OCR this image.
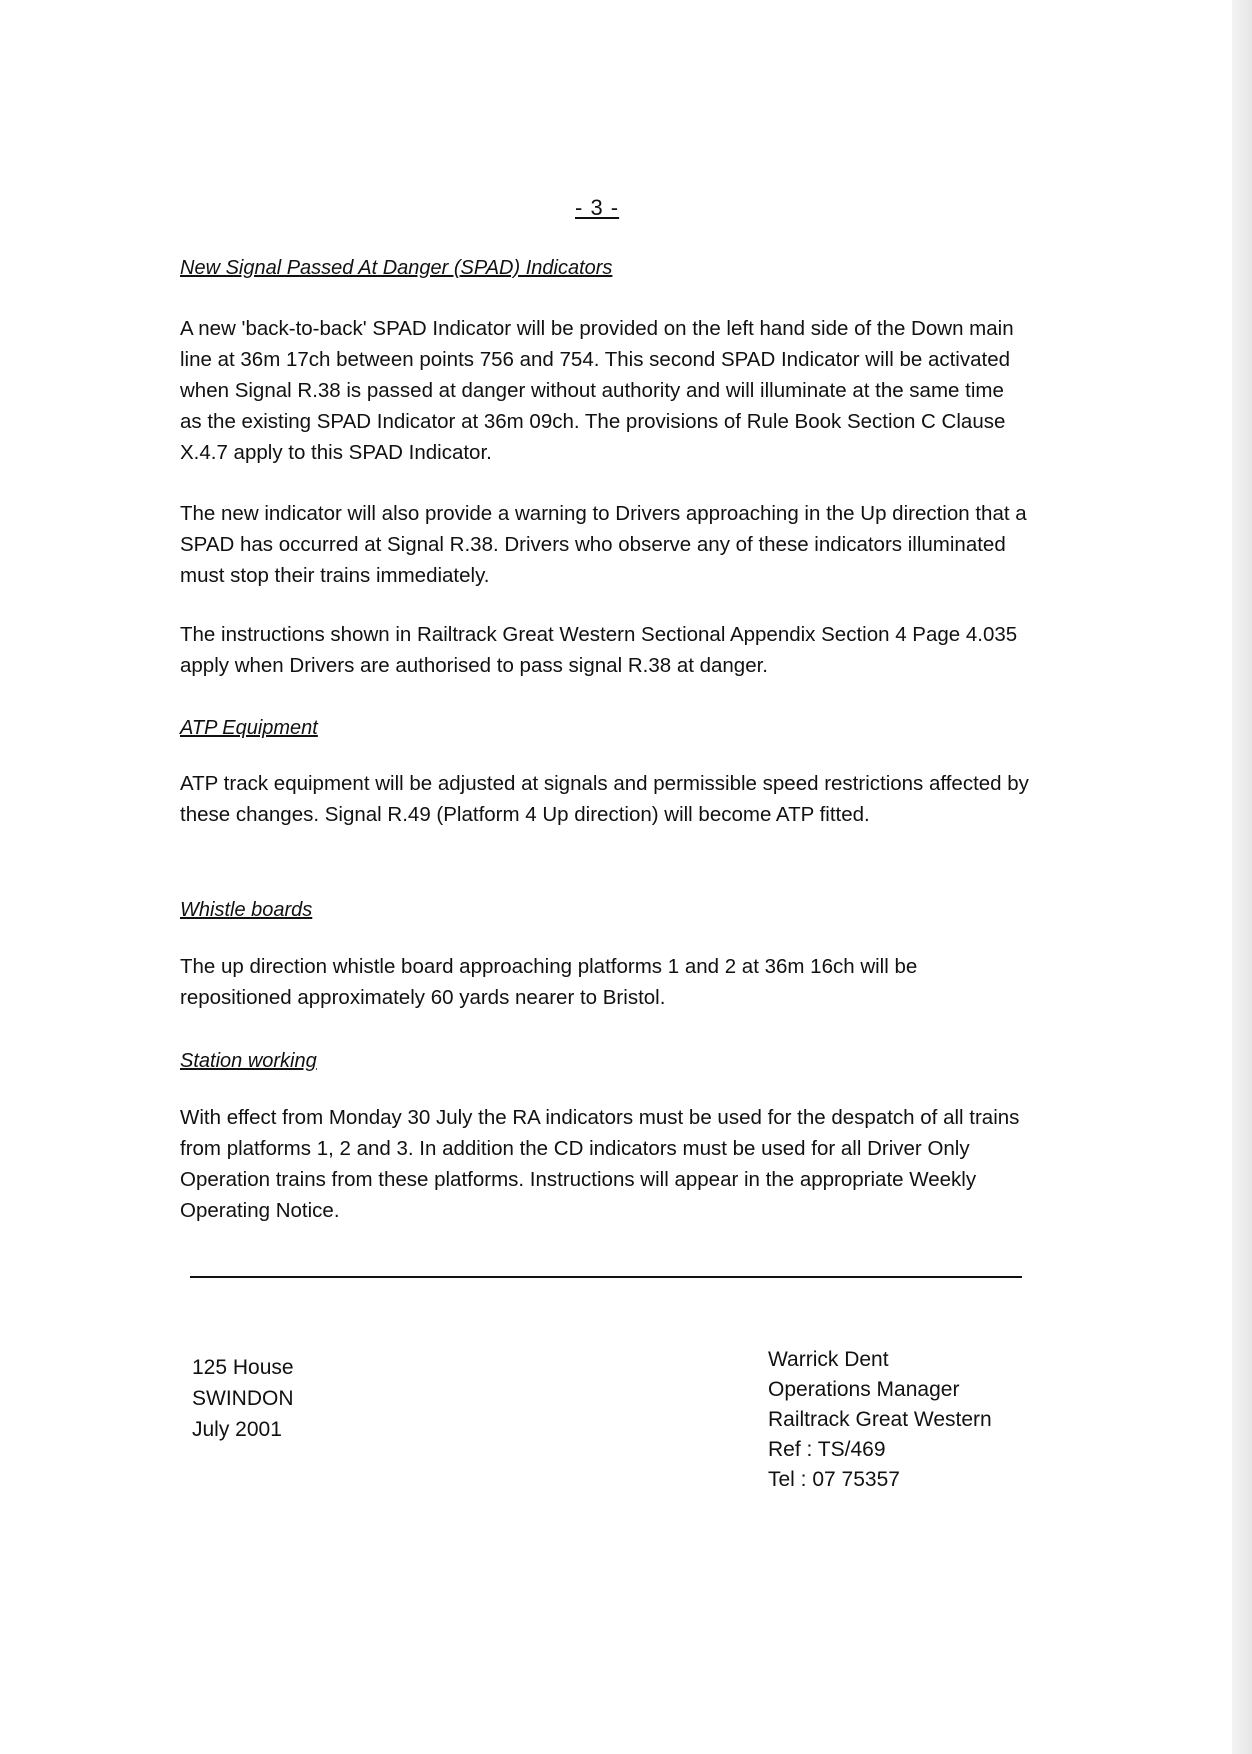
- 3 -
New Signal Passed At Danger (SPAD) Indicators

A new 'back-to-back' SPAD Indicator will be provided on the left hand side of the Down main line at 36m 17ch between points 756 and 754. This second SPAD Indicator will be activated when Signal R.38 is passed at danger without authority and will illuminate at the same time as the existing SPAD Indicator at 36m 09ch. The provisions of Rule Book Section C Clause X.4.7 apply to this SPAD Indicator.

The new indicator will also provide a warning to Drivers approaching in the Up direction that a SPAD has occurred at Signal R.38. Drivers who observe any of these indicators illuminated must stop their trains immediately.

The instructions shown in Railtrack Great Western Sectional Appendix Section 4 Page 4.035 apply when Drivers are authorised to pass signal R.38 at danger.

ATP Equipment

ATP track equipment will be adjusted at signals and permissible speed restrictions affected by these changes. Signal R.49 (Platform 4 Up direction) will become ATP fitted.

Whistle boards

The up direction whistle board approaching platforms 1 and 2 at 36m 16ch will be repositioned approximately 60 yards nearer to Bristol.

Station working

With effect from Monday 30 July the RA indicators must be used for the despatch of all trains from platforms 1, 2 and 3. In addition the CD indicators must be used for all Driver Only Operation trains from these platforms. Instructions will appear in the appropriate Weekly Operating Notice.

125 House
SWINDON
July 2001
Warrick Dent
Operations Manager
Railtrack Great Western
Ref : TS/469
Tel : 07 75357
